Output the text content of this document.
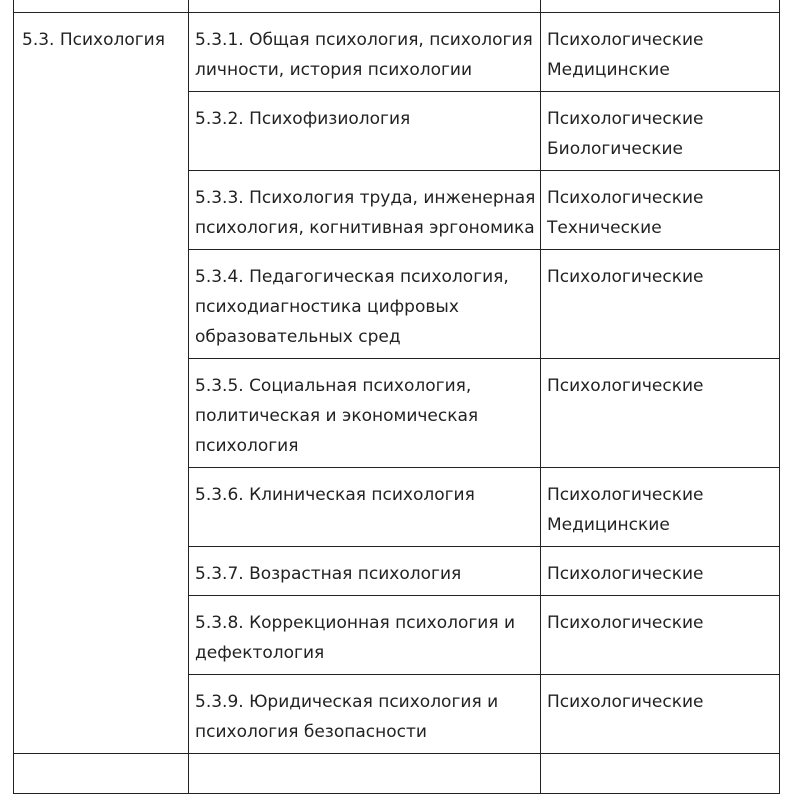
5.3. Психология	5.3.1. Общая психология, психология
личности, история психологии	Психологические
Медицинские

	5.3.2. Психофизиология	Психологические
Биологические

	5.3.3. Психология труда, инженерная
психология, когнитивная эргономика	Психологические
Технические

	5.3.4. Педагогическая психология,
психодиагностика цифровых
образовательных сред	Психологические

	5.3.5. Социальная психология,
политическая и экономическая
психология	Психологические

	5.3.6. Клиническая психология	Психологические
Медицинские

	5.3.7. Возрастная психология	Психологические

	5.3.8. Коррекционная психология и
дефектология	Психологические

	5.3.9. Юридическая психология и
психология безопасности	Психологические
